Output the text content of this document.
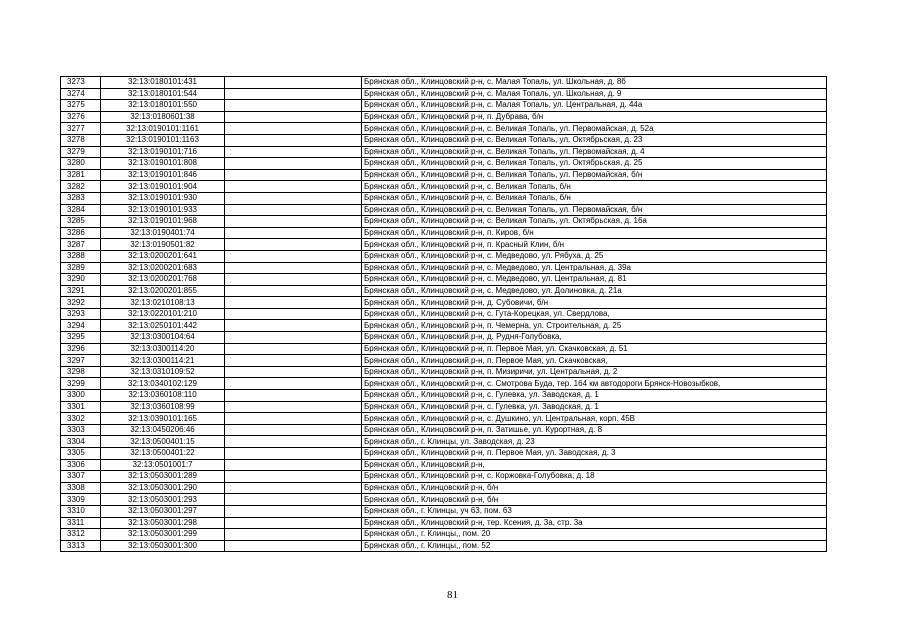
3273	32:13:0180101:431		Брянская обл., Клинцовский р-н, с. Малая Топаль, ул. Школьная, д. 8б
3274	32:13:0180101:544		Брянская обл., Клинцовский р-н, с. Малая Топаль, ул. Школьная, д. 9
3275	32:13:0180101:550		Брянская обл., Клинцовский р-н, с. Малая Топаль, ул. Центральная, д. 44а
3276	32:13:0180601:38		Брянская обл., Клинцовский р-н, п. Дубрава, б/н
3277	32:13:0190101:1161		Брянская обл., Клинцовский р-н, с. Великая Топаль, ул. Первомайская, д. 52а
3278	32:13:0190101:1163		Брянская обл., Клинцовский р-н, с. Великая Топаль, ул. Октябрьская, д. 23
3279	32:13:0190101:716		Брянская обл., Клинцовский р-н, с. Великая Топаль, ул. Первомайская, д. 4
3280	32:13:0190101:808		Брянская обл., Клинцовский р-н, с. Великая Топаль, ул. Октябрьская, д. 25
3281	32:13:0190101:846		Брянская обл., Клинцовский р-н, с. Великая Топаль, ул. Первомайская, б/н
3282	32:13:0190101:904		Брянская обл., Клинцовский р-н, с. Великая Топаль, б/н
3283	32:13:0190101:930		Брянская обл., Клинцовский р-н, с. Великая Топаль, б/н
3284	32:13:0190101:933		Брянская обл., Клинцовский р-н, с. Великая Топаль, ул. Первомайская, б/н
3285	32:13:0190101:968		Брянская обл., Клинцовский р-н, с. Великая Топаль, ул. Октябрьская, д. 16а
3286	32:13:0190401:74		Брянская обл., Клинцовский р-н, п. Киров, б/н
3287	32:13:0190501:82		Брянская обл., Клинцовский р-н, п. Красный Клин, б/н
3288	32:13:0200201:641		Брянская обл., Клинцовский р-н, с. Медведово, ул. Рябуха, д. 25
3289	32:13:0200201:683		Брянская обл., Клинцовский р-н, с. Медведово, ул. Центральная, д. 39а
3290	32:13:0200201:768		Брянская обл., Клинцовский р-н, с. Медведово, ул. Центральная, д. 81
3291	32:13:0200201:855		Брянская обл., Клинцовский р-н, с. Медведово, ул. Долиновка, д. 21а
3292	32:13:0210108:13		Брянская обл., Клинцовский р-н, д. Субовичи, б/н
3293	32:13:0220101:210		Брянская обл., Клинцовский р-н, с. Гута-Корецкая, ул. Свердлова,
3294	32:13:0250101:442		Брянская обл., Клинцовский р-н, п. Чемерна, ул. Строительная, д. 25
3295	32:13:0300104:64		Брянская обл., Клинцовский р-н, д. Рудня-Голубовка,
3296	32:13:0300114:20		Брянская обл., Клинцовский р-н, п. Первое Мая, ул. Скачковская, д. 51
3297	32:13:0300114:21		Брянская обл., Клинцовский р-н, п. Первое Мая, ул. Скачковская,
3298	32:13:0310109:52		Брянская обл., Клинцовский р-н, п. Мизиричи, ул. Центральная, д. 2
3299	32:13:0340102:129		Брянская обл., Клинцовский р-н, с. Смотрова Буда, тер. 164 км автодороги Брянск-Новозыбков,
3300	32:13:0360108:110		Брянская обл., Клинцовский р-н, с. Гулевка, ул. Заводская, д. 1
3301	32:13:0360108:99		Брянская обл., Клинцовский р-н, с. Гулевка, ул. Заводская, д. 1
3302	32:13:0390101:165		Брянская обл., Клинцовский р-н, с. Душкино, ул. Центральная, корп. 45В
3303	32:13:0450206:46		Брянская обл., Клинцовский р-н, п. Затишье, ул. Курортная, д. 8
3304	32:13:0500401:15		Брянская обл., г. Клинцы, ул. Заводская, д. 23
3305	32:13:0500401:22		Брянская обл., Клинцовский р-н, п. Первое Мая, ул. Заводская, д. 3
3306	32:13:0501001:7		Брянская обл., Клинцовский р-н,
3307	32:13:0503001:289		Брянская обл., Клинцовский р-н, с. Коржовка-Голубовка, д. 18
3308	32:13:0503001:290		Брянская обл., Клинцовский р-н, б/н
3309	32:13:0503001:293		Брянская обл., Клинцовский р-н, б/н
3310	32:13:0503001:297		Брянская обл., г. Клинцы, уч 63, пом. 63
3311	32:13:0503001:298		Брянская обл., Клинцовский р-н, тер. Ксения, д. 3а, стр. 3а
3312	32:13:0503001:299		Брянская обл., г. Клинцы,, пом. 20
3313	32:13:0503001:300		Брянская обл., г. Клинцы,, пом. 52
81
